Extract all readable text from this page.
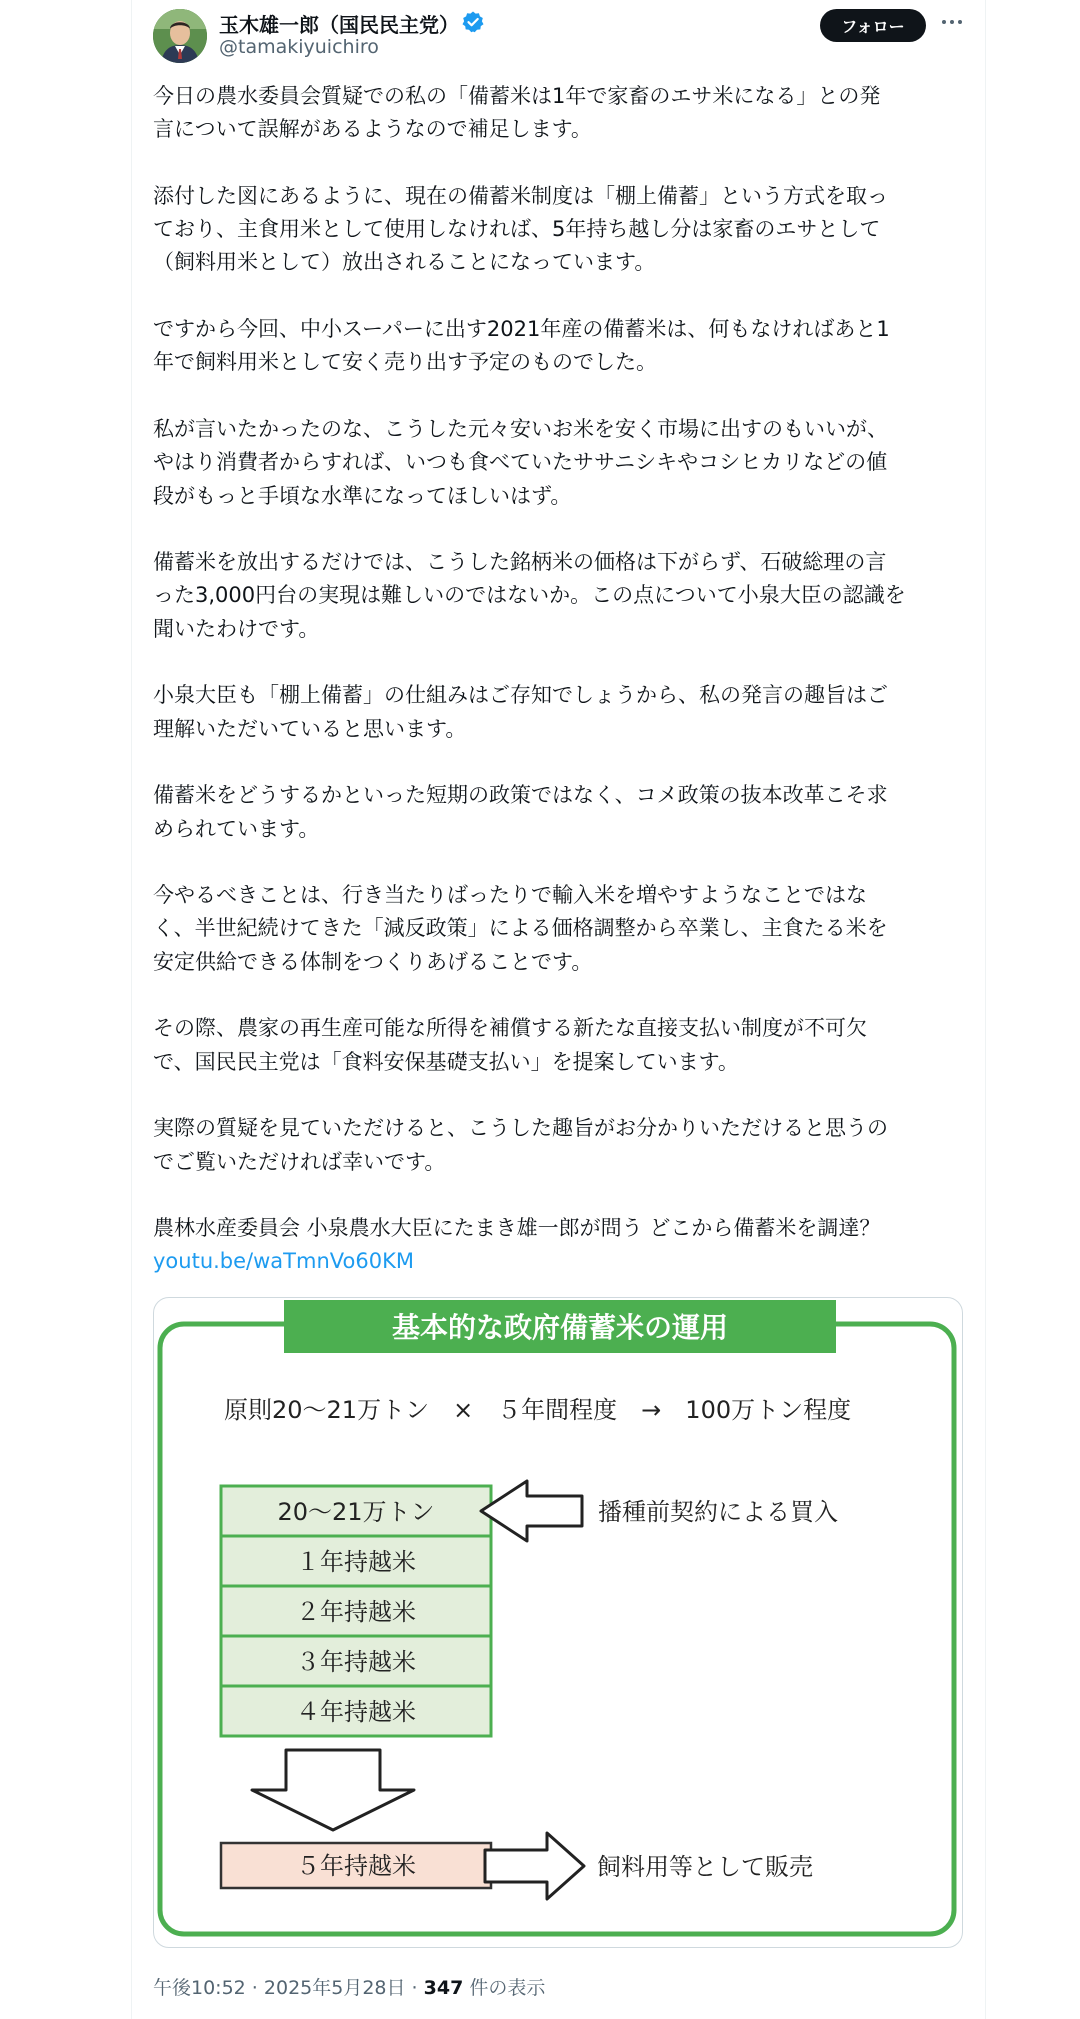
玉木雄一郎（国民民主党）
@tamakiyuichiro
フォロー

今日の農水委員会質疑での私の「備蓄米は1年で家畜のエサ米になる」との発
言について誤解があるようなので補足します。

添付した図にあるように、現在の備蓄米制度は「棚上備蓄」という方式を取っ
ており、主食用米として使用しなければ、5年持ち越し分は家畜のエサとして
（飼料用米として）放出されることになっています。

ですから今回、中小スーパーに出す2021年産の備蓄米は、何もなければあと1
年で飼料用米として安く売り出す予定のものでした。

私が言いたかったのな、こうした元々安いお米を安く市場に出すのもいいが、
やはり消費者からすれば、いつも食べていたササニシキやコシヒカリなどの値
段がもっと手頃な水準になってほしいはず。

備蓄米を放出するだけでは、こうした銘柄米の価格は下がらず、石破総理の言
った3,000円台の実現は難しいのではないか。この点について小泉大臣の認識を
聞いたわけです。

小泉大臣も「棚上備蓄」の仕組みはご存知でしょうから、私の発言の趣旨はご
理解いただいていると思います。

備蓄米をどうするかといった短期の政策ではなく、コメ政策の抜本改革こそ求
められています。

今やるべきことは、行き当たりばったりで輸入米を増やすようなことではな
く、半世紀続けてきた「減反政策」による価格調整から卒業し、主食たる米を
安定供給できる体制をつくりあげることです。

その際、農家の再生産可能な所得を補償する新たな直接支払い制度が不可欠
で、国民民主党は「食料安保基礎支払い」を提案しています。

実際の質疑を見ていただけると、こうした趣旨がお分かりいただけると思うの
でご覧いただければ幸いです。

農林水産委員会 小泉農水大臣にたまき雄一郎が問う どこから備蓄米を調達？
youtu.be/waTmnVo60KM

基本的な政府備蓄米の運用
原則20～21万トン　×　５年間程度　→　100万トン程度
20～21万トン
１年持越米
２年持越米
３年持越米
４年持越米
播種前契約による買入
５年持越米	飼料用等として販売
午後10:52 · 2025年5月28日 · 347 件の表示
